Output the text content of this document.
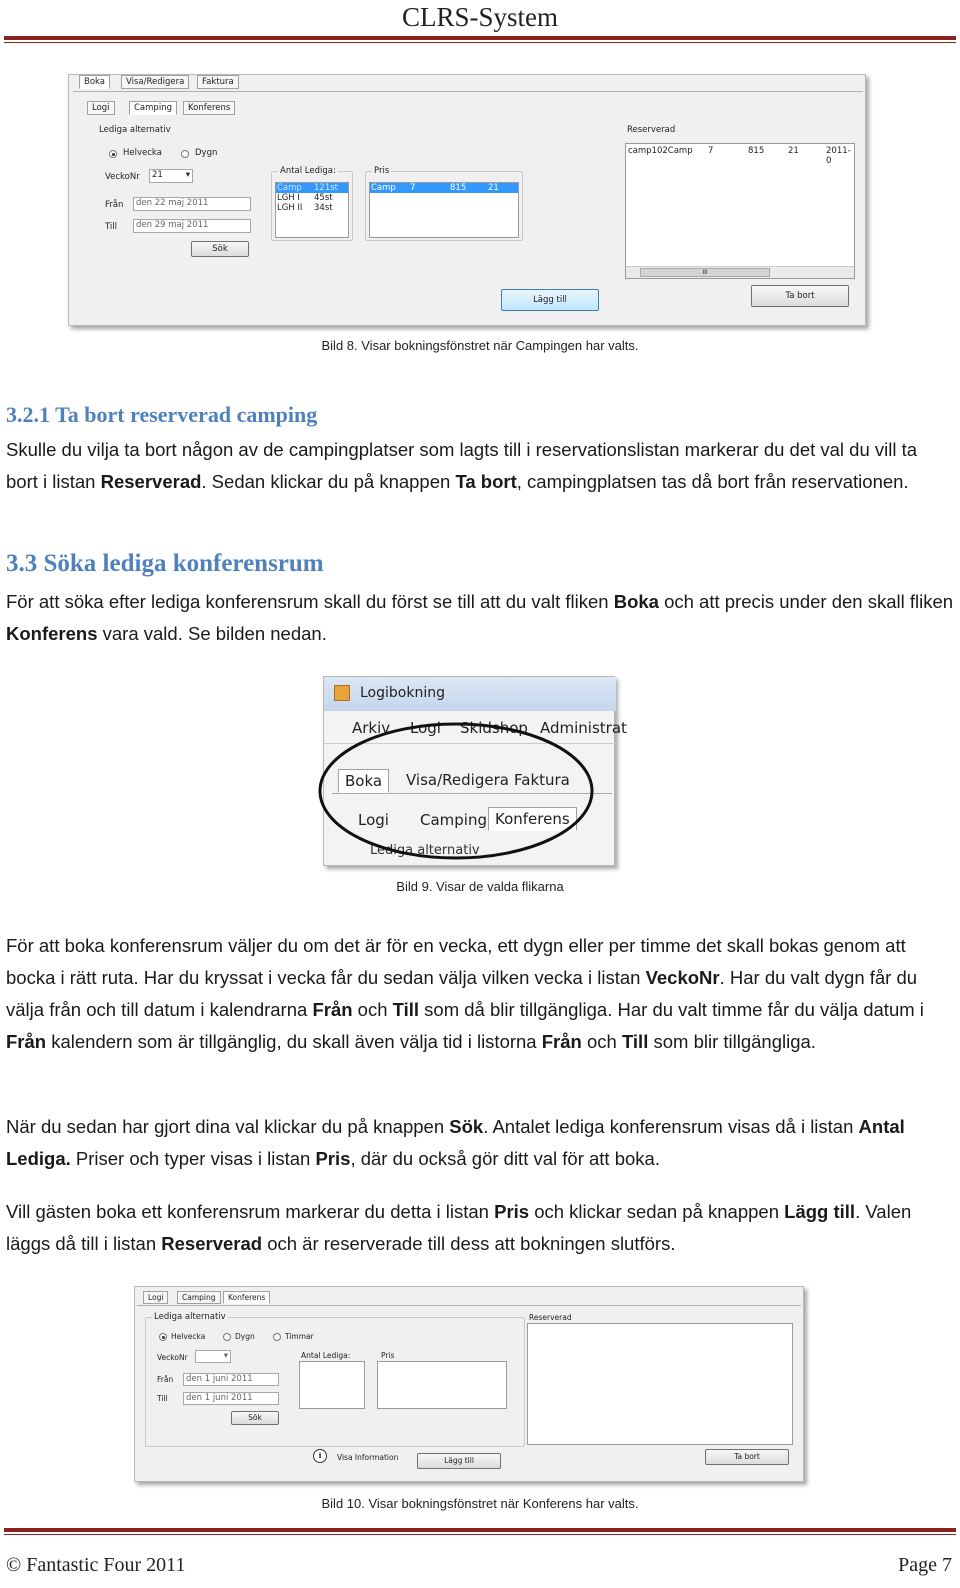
CLRS-System
Boka	Visa/Redigera	Faktura
Logi	Camping	Konferens
Lediga alternativ
Helvecka	Dygn
VeckoNr	21	▾
Från	den 22 maj 2011
Till	den 29 maj 2011
Sök
Antal Lediga:
Camp 121st
LGH I 45st
LGH II 34st
Pris
Camp 7	815	21
Reserverad
camp102Camp 7	815	21	2011-0
III
Lägg till	Ta bort
Bild 8. Visar bokningsfönstret när Campingen har valts.
3.2.1 Ta bort reserverad camping
Skulle du vilja ta bort någon av de campingplatser som lagts till i reservationslistan markerar du det val du vill ta bort i listan Reserverad. Sedan klickar du på knappen Ta bort, campingplatsen tas då bort från reservationen.
3.3 Söka lediga konferensrum
För att söka efter lediga konferensrum skall du först se till att du valt fliken Boka och att precis under den skall fliken Konferens vara vald. Se bilden nedan.
Logibokning
Arkiv Logi Skidshop Administrat
Boka	Visa/Redigera Faktura
Logi Camping Konferens
Lediga alternativ
Bild 9. Visar de valda flikarna
För att boka konferensrum väljer du om det är för en vecka, ett dygn eller per timme det skall bokas genom att bocka i rätt ruta. Har du kryssat i vecka får du sedan välja vilken vecka i listan VeckoNr. Har du valt dygn får du välja från och till datum i kalendrarna Från och Till som då blir tillgängliga. Har du valt timme får du välja datum i Från kalendern som är tillgänglig, du skall även välja tid i listorna Från och Till som blir tillgängliga.
När du sedan har gjort dina val klickar du på knappen Sök. Antalet lediga konferensrum visas då i listan Antal Lediga. Priser och typer visas i listan Pris, där du också gör ditt val för att boka.
Vill gästen boka ett konferensrum markerar du detta i listan Pris och klickar sedan på knappen Lägg till. Valen läggs då till i listan Reserverad och är reserverade till dess att bokningen slutförs.
Logi	Camping	Konferens
Lediga alternativ
Helvecka	Dygn	Timmar
VeckoNr	▾
Från	den 1 juni 2011
Till	den 1 juni 2011
Sök
Antal Lediga:	Pris
Reserverad
i	Visa Information	Lägg till	Ta bort
Bild 10. Visar bokningsfönstret när Konferens har valts.
© Fantastic Four 2011	Page 7
